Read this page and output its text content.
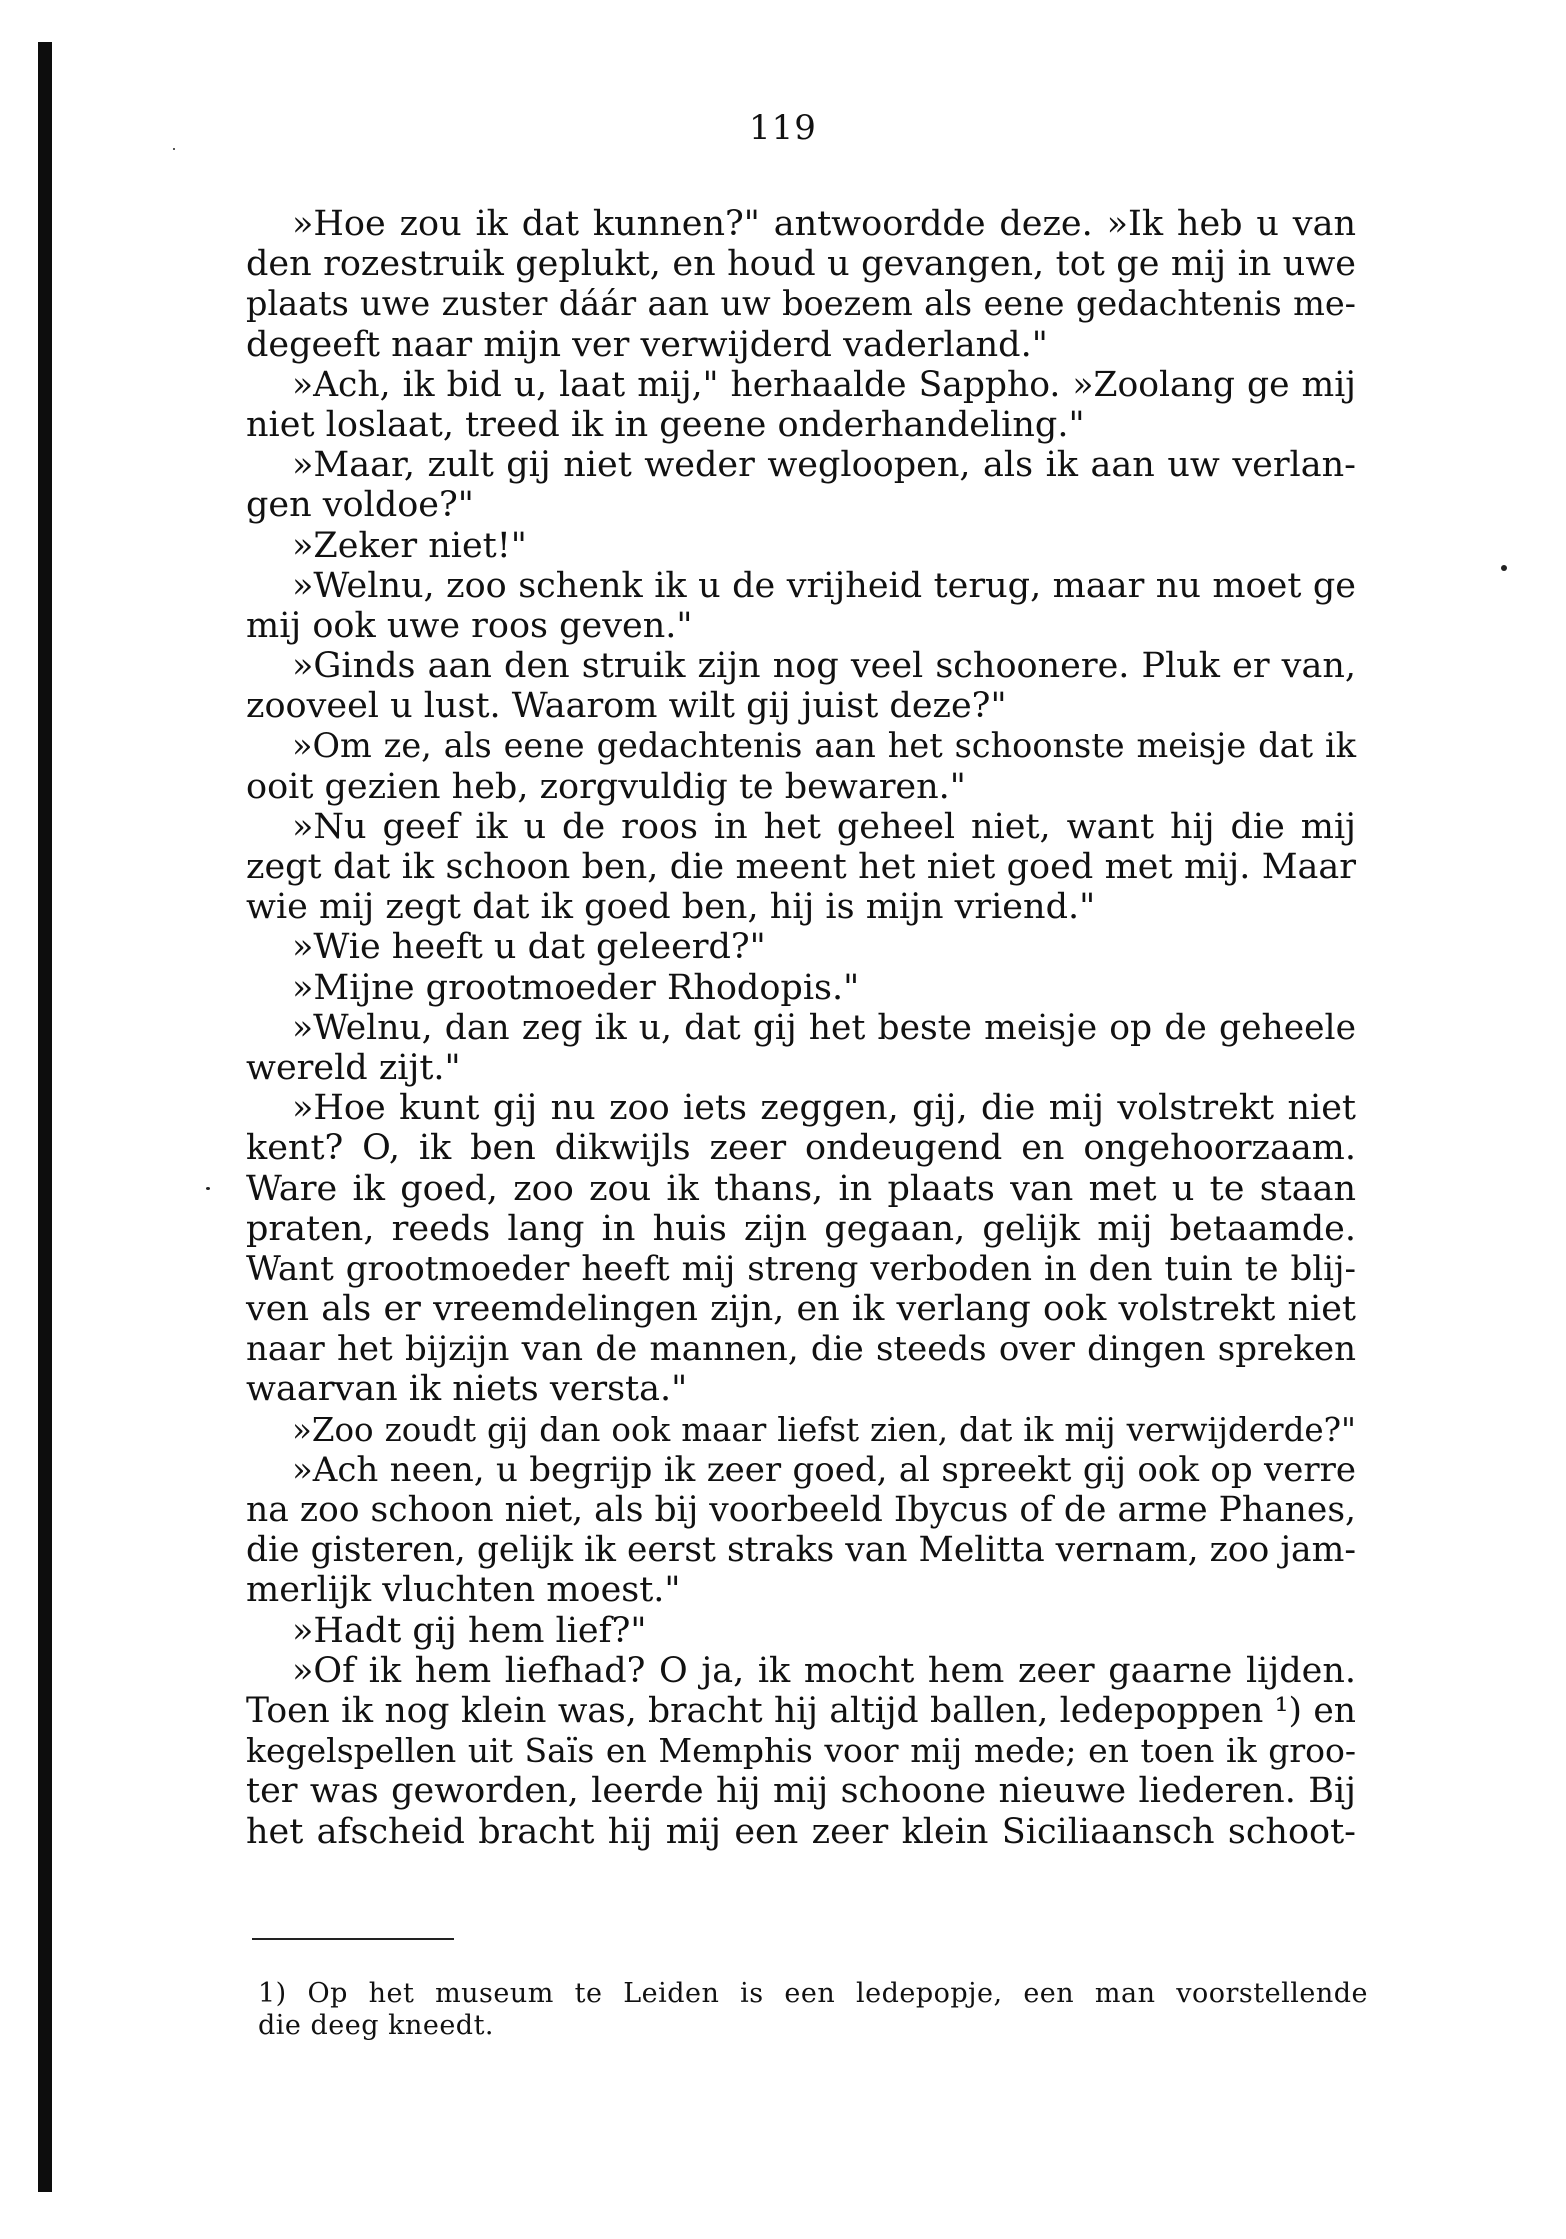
119
»Hoe zou ik dat kunnen?" antwoordde deze. »Ik heb u van
den rozestruik geplukt, en houd u gevangen, tot ge mij in uwe
plaats uwe zuster dáár aan uw boezem als eene gedachtenis me-
degeeft naar mijn ver verwijderd vaderland."
»Ach, ik bid u, laat mij," herhaalde Sappho. »Zoolang ge mij
niet loslaat, treed ik in geene onderhandeling."
»Maar, zult gij niet weder wegloopen, als ik aan uw verlan-
gen voldoe?"
»Zeker niet!"
»Welnu, zoo schenk ik u de vrijheid terug, maar nu moet ge
mij ook uwe roos geven."
»Ginds aan den struik zijn nog veel schoonere. Pluk er van,
zooveel u lust. Waarom wilt gij juist deze?"
»Om ze, als eene gedachtenis aan het schoonste meisje dat ik
ooit gezien heb, zorgvuldig te bewaren."
»Nu geef ik u de roos in het geheel niet, want hij die mij
zegt dat ik schoon ben, die meent het niet goed met mij. Maar
wie mij zegt dat ik goed ben, hij is mijn vriend."
»Wie heeft u dat geleerd?"
»Mijne grootmoeder Rhodopis."
»Welnu, dan zeg ik u, dat gij het beste meisje op de geheele
wereld zijt."
»Hoe kunt gij nu zoo iets zeggen, gij, die mij volstrekt niet
kent? O, ik ben dikwijls zeer ondeugend en ongehoorzaam.
Ware ik goed, zoo zou ik thans, in plaats van met u te staan
praten, reeds lang in huis zijn gegaan, gelijk mij betaamde.
Want grootmoeder heeft mij streng verboden in den tuin te blij-
ven als er vreemdelingen zijn, en ik verlang ook volstrekt niet
naar het bijzijn van de mannen, die steeds over dingen spreken
waarvan ik niets versta."
»Zoo zoudt gij dan ook maar liefst zien, dat ik mij verwijderde?"
»Ach neen, u begrijp ik zeer goed, al spreekt gij ook op verre
na zoo schoon niet, als bij voorbeeld Ibycus of de arme Phanes,
die gisteren, gelijk ik eerst straks van Melitta vernam, zoo jam-
merlijk vluchten moest."
»Hadt gij hem lief?"
»Of ik hem liefhad? O ja, ik mocht hem zeer gaarne lijden.
Toen ik nog klein was, bracht hij altijd ballen, ledepoppen ¹) en
kegelspellen uit Saïs en Memphis voor mij mede; en toen ik groo-
ter was geworden, leerde hij mij schoone nieuwe liederen. Bij
het afscheid bracht hij mij een zeer klein Siciliaansch schoot-
1) Op het museum te Leiden is een ledepopje, een man voorstellende
die deeg kneedt.
